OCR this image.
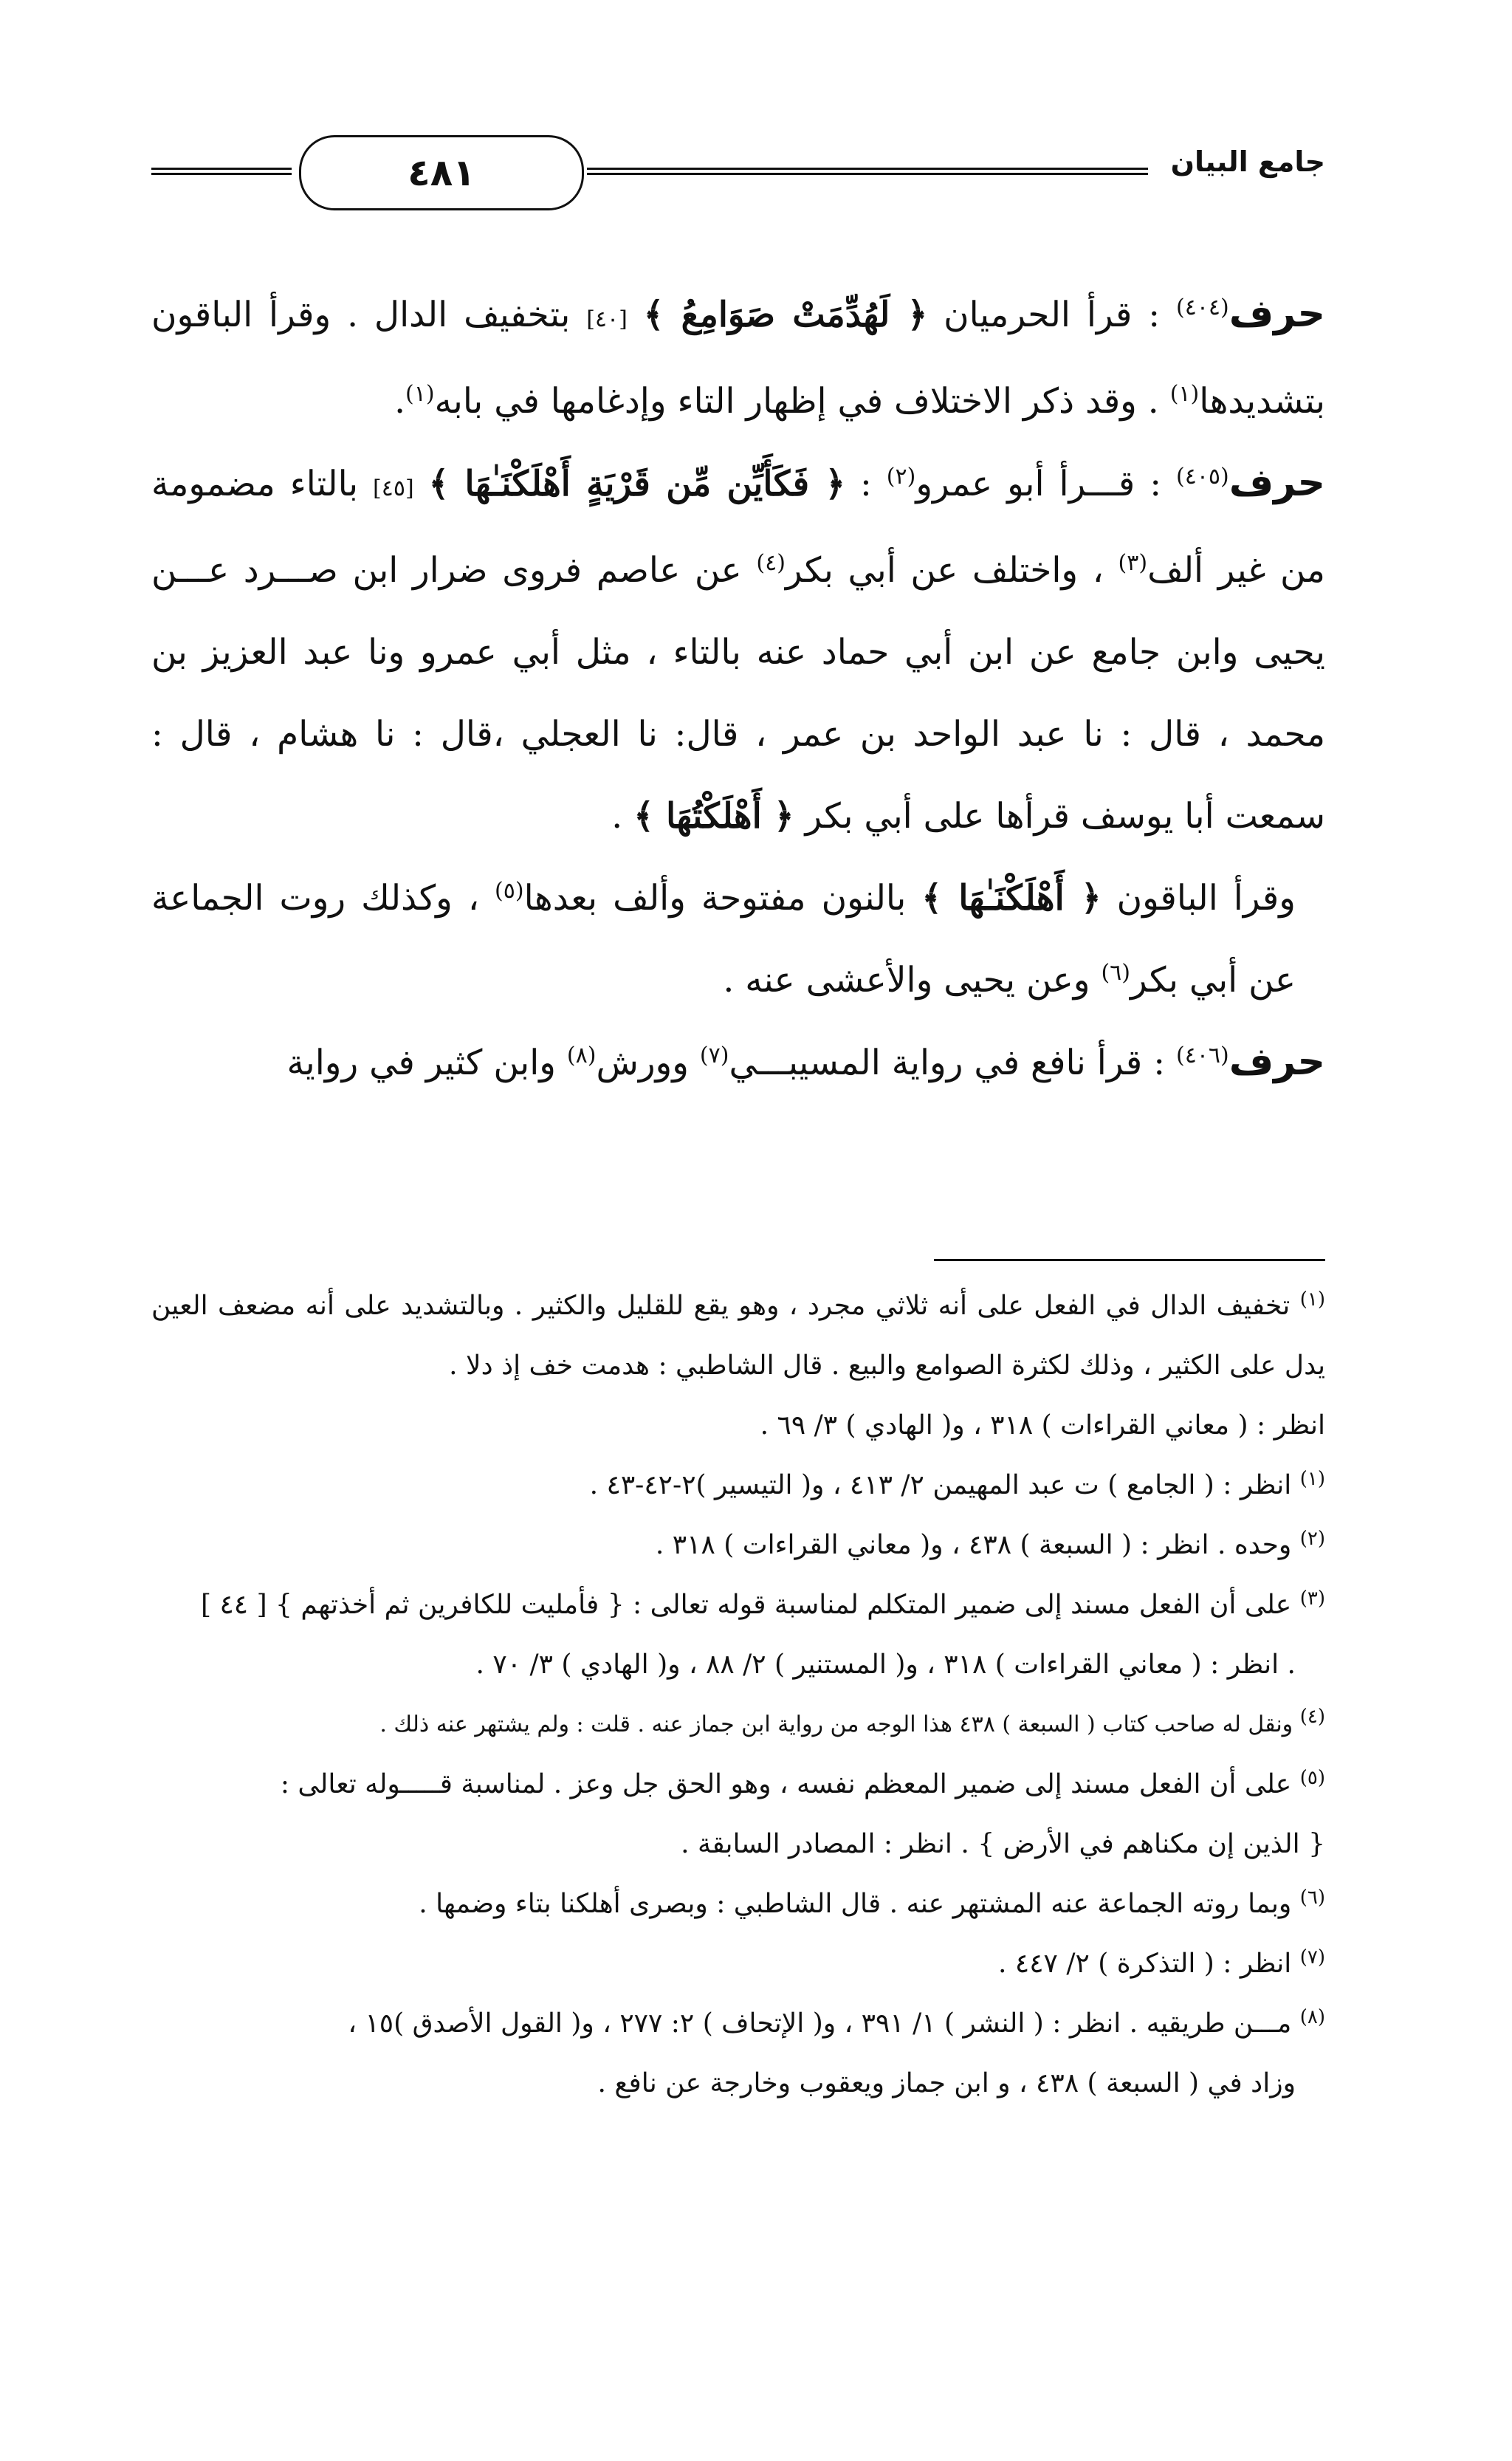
جامع البيان
٤٨١

حرف$^{(٤٠٤)}$ : قرأ الحرميان ﴿ لَهُدِّمَتْ صَوَامِعُ ﴾ [٤٠] بتخفيف الدال . وقرأ الباقون بتشديدها$^{(١)}$ . وقد ذكر الاختلاف في إظهار التاء وإدغامها في بابه$^{(١)}$.

حرف$^{(٤٠٥)}$ : قـــرأ أبو عمرو$^{(٢)}$ : ﴿ فَكَأَيِّن مِّن قَرْيَةٍ أَهْلَكْنَـٰهَا ﴾ [٤٥] بالتاء مضمومة من غير ألف$^{(٣)}$ ، واختلف عن أبي بكر$^{(٤)}$ عن عاصم فروى ضرار ابن صـــرد عـــن يحيى وابن جامع عن ابن أبي حماد عنه بالتاء ، مثل أبي عمرو ونا عبد العزيز بن محمد ، قال : نا عبد الواحد بن عمر ، قال: نا العجلي ،قال : نا هشام ، قال : سمعت أبا يوسف قرأها على أبي بكر ﴿ أَهْلَكْتُهَا ﴾ .

وقرأ الباقون ﴿ أَهْلَكْنَـٰهَا ﴾ بالنون مفتوحة وألف بعدها$^{(٥)}$ ، وكذلك روت الجماعة عن أبي بكر$^{(٦)}$ وعن يحيى والأعشى عنه .

حرف$^{(٤٠٦)}$ : قرأ نافع في رواية المسيبـــي$^{(٧)}$ وورش$^{(٨)}$ وابن كثير في رواية

$^{(١)}$ تخفيف الدال في الفعل على أنه ثلاثي مجرد ، وهو يقع للقليل والكثير . وبالتشديد على أنه مضعف العين يدل على الكثير ، وذلك لكثرة الصوامع والبيع . قال الشاطبي : هدمت خف إذ دلا .

انظر : ( معاني القراءات ) ٣١٨ ، و( الهادي ) ٣/ ٦٩ .

$^{(١)}$ انظر : ( الجامع ) ت عبد المهيمن ٢/ ٤١٣ ، و( التيسير )٢-٤٢-٤٣ .

$^{(٢)}$ وحده . انظر : ( السبعة ) ٤٣٨ ، و( معاني القراءات ) ٣١٨ .

$^{(٣)}$ على أن الفعل مسند إلى ضمير المتكلم لمناسبة قوله تعالى : { فأمليت للكافرين ثم أخذتهم } [ ٤٤ ]

. انظر : ( معاني القراءات ) ٣١٨ ، و( المستنير ) ٢/ ٨٨ ، و( الهادي ) ٣/ ٧٠ .

(٤) ونقل له صاحب كتاب ( السبعة ) ٤٣٨ هذا الوجه من رواية ابن جماز عنه . قلت : ولم يشتهر عنه ذلك .

$^{(٥)}$ على أن الفعل مسند إلى ضمير المعظم نفسه ، وهو الحق جل وعز . لمناسبة قـــــوله تعالى :

{ الذين إن مكناهم في الأرض } . انظر : المصادر السابقة .

$^{(٦)}$ وبما روته الجماعة عنه المشتهر عنه . قال الشاطبي : وبصرى أهلكنا بتاء وضمها .

$^{(٧)}$ انظر : ( التذكرة ) ٢/ ٤٤٧ .

$^{(٨)}$ مـــن طريقيه . انظر : ( النشر ) ١/ ٣٩١ ، و( الإتحاف ) ٢: ٢٧٧ ، و( القول الأصدق )١٥ ،

وزاد في ( السبعة ) ٤٣٨ ، و ابن جماز ويعقوب وخارجة عن نافع .
